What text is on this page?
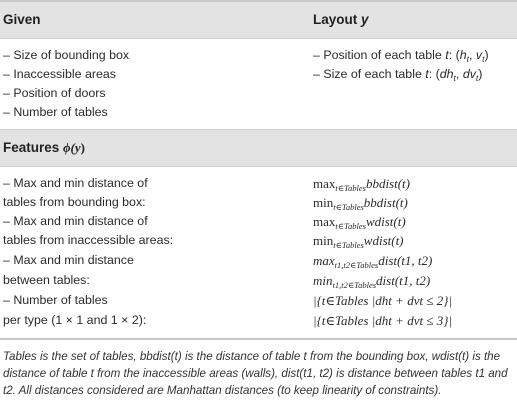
Given	Layout y
– Size of bounding box
– Inaccessible areas
– Position of doors
– Number of tables
– Position of each table t: ($h_t$, $v_t$)
– Size of each table t: ($dh_t$, $dv_t$)
Features ϕ(y)
– Max and min distance of
tables from bounding box:
– Max and min distance of
tables from inaccessible areas:
– Max and min distance
between tables:
– Number of tables
per type (1 × 1 and 1 × 2):
$\max_{t\in Tables}bbdist(t)$
$\min_{t\in Tables}bbdist(t)$
$\max_{t\in Tables}wdist(t)$
$\min_{t\in Tables}wdist(t)$
$\max_{t1,t2\in Tables}dist(t1$, t2)
$\min_{t1,t2\in Tables}dist(t1$, t2)
|{t∈Tables |dht + dvt ≤ 2}|
|{t∈Tables |dht + dvt ≤ 3}|
Tables is the set of tables, bbdist(t) is the distance of table t from the bounding box, wdist(t) is the distance of table t from the inaccessible areas (walls), dist(t1, t2) is distance between tables t1 and t2. All distances considered are Manhattan distances (to keep linearity of constraints).
